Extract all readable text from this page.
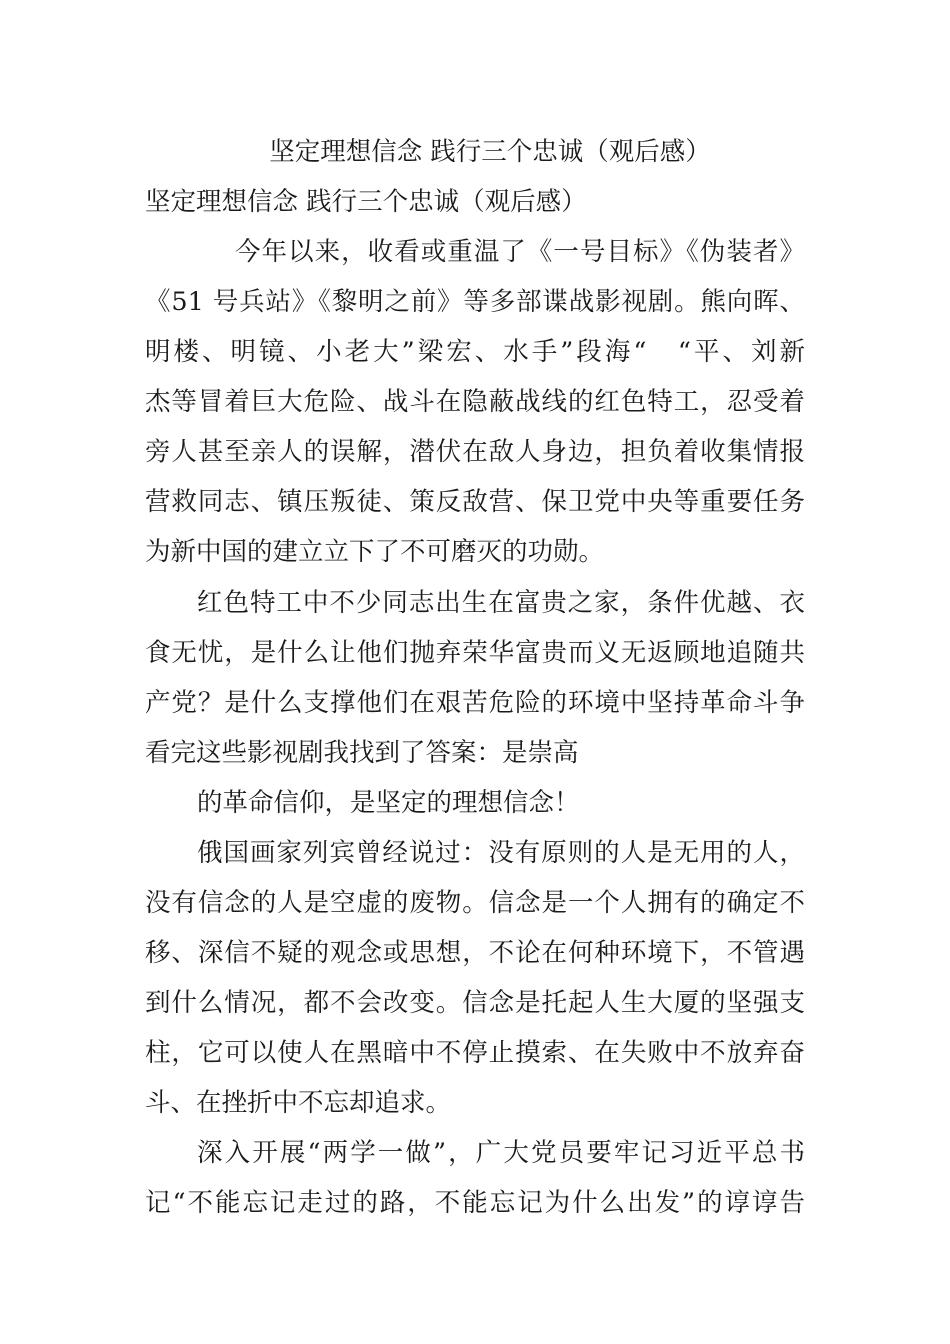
坚定理想信念 践行三个忠诚（观后感）
坚定理想信念 践行三个忠诚（观后感）
今年以来，收看或重温了《一号目标》《伪装者》
《51 号兵站》《黎明之前》等多部谍战影视剧。熊向晖、
明楼、明镜、小老大”梁宏、水手”段海“　“平、刘新
杰等冒着巨大危险、战斗在隐蔽战线的红色特工，忍受着
旁人甚至亲人的误解，潜伏在敌人身边，担负着收集情报
营救同志、镇压叛徒、策反敌营、保卫党中央等重要任务
为新中国的建立立下了不可磨灭的功勋。
红色特工中不少同志出生在富贵之家，条件优越、衣
食无忧，是什么让他们抛弃荣华富贵而义无返顾地追随共
产党？是什么支撑他们在艰苦危险的环境中坚持革命斗争
看完这些影视剧我找到了答案：是崇高
的革命信仰，是坚定的理想信念！
俄国画家列宾曾经说过：没有原则的人是无用的人，
没有信念的人是空虚的废物。信念是一个人拥有的确定不
移、深信不疑的观念或思想，不论在何种环境下，不管遇
到什么情况，都不会改变。信念是托起人生大厦的坚强支
柱，它可以使人在黑暗中不停止摸索、在失败中不放弃奋
斗、在挫折中不忘却追求。
深入开展“两学一做”，广大党员要牢记习近平总书
记“不能忘记走过的路，不能忘记为什么出发”的谆谆告
